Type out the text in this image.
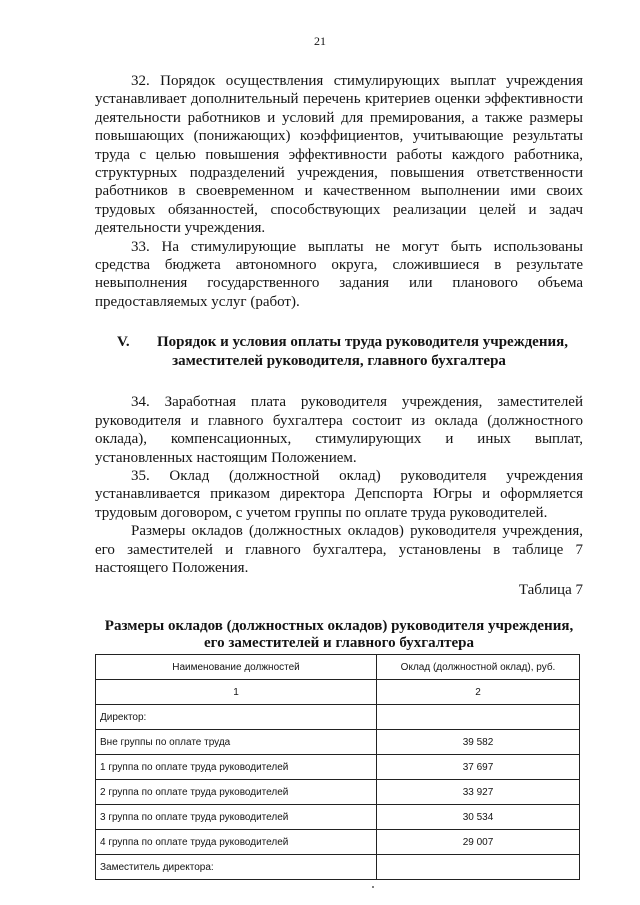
21

32. Порядок осуществления стимулирующих выплат учреждения устанавливает дополнительный перечень критериев оценки эффективности деятельности работников и условий для премирования, а также размеры повышающих (понижающих) коэффициентов, учитывающие результаты труда с целью повышения эффективности работы каждого работника, структурных подразделений учреждения, повышения ответственности работников в своевременном и качественном выполнении ими своих трудовых обязанностей, способствующих реализации целей и задач деятельности учреждения.

33. На стимулирующие выплаты не могут быть использованы средства бюджета автономного округа, сложившиеся в результате невыполнения государственного задания или планового объема предоставляемых услуг (работ).

V.	Порядок и условия оплаты труда руководителя учреждения,
заместителей руководителя, главного бухгалтера

34. Заработная плата руководителя учреждения, заместителей руководителя и главного бухгалтера состоит из оклада (должностного оклада), компенсационных, стимулирующих и иных выплат, установленных настоящим Положением.

35. Оклад (должностной оклад) руководителя учреждения устанавливается приказом директора Депспорта Югры и оформляется трудовым договором, с учетом группы по оплате труда руководителей.

Размеры окладов (должностных окладов) руководителя учреждения, его заместителей и главного бухгалтера, установлены в таблице 7 настоящего Положения.

Таблица 7
Размеры окладов (должностных окладов) руководителя учреждения,
его заместителей и главного бухгалтера
Наименование должностей	Оклад (должностной оклад), руб.
1	2
Директор:	
Вне группы по оплате труда	39 582
1 группа по оплате труда руководителей	37 697
2 группа по оплате труда руководителей	33 927
3 группа по оплате труда руководителей	30 534
4 группа по оплате труда руководителей	29 007
Заместитель директора:	
